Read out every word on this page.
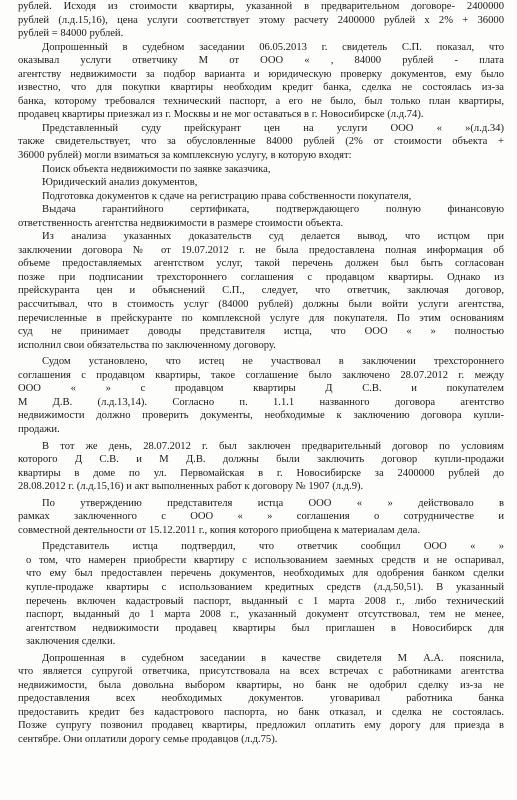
рублей. Исходя из стоимости квартиры, указанной в предварительном договоре- 2400000
рублей (л.д.15,16), цена услуги соответствует этому расчету 2400000 рублей х 2% + 36000
рублей = 84000 рублей.
Допрошенный в судебном заседании 06.05.2013 г. свидетель С.П. показал, что
оказывал услуги ответчику М от ООО « , 84000 рублей - плата
агентству недвижимости за подбор варианта и юридическую проверку документов, ему было
известно, что для покупки квартиры необходим кредит банка, сделка не состоялась из-за
банка, которому требовался технический паспорт, а его не было, был только план квартиры,
продавец квартиры приезжал из г. Москвы и не мог оставаться в г. Новосибирске (л.д.74).
Представленный суду прейскурант цен на услуги ООО « »(л.д.34)
также свидетельствует, что за обусловленные 84000 рублей (2% от стоимости объекта +
36000 рублей) могли взиматься за комплексную услугу, в которую входят:
Поиск объекта недвижимости по заявке заказчика,
Юридический анализ документов,
Подготовка документов к сдаче на регистрацию права собственности покупателя,
Выдача гарантийного сертификата, подтверждающего полную финансовую
ответственность агентства недвижимости в размере стоимости объекта.
Из анализа указанных доказательств суд делается вывод, что истцом при
заключении договора № от 19.07.2012 г. не была предоставлена полная информация об
объеме предоставляемых агентством услуг, такой перечень должен был быть согласован
позже при подписании трехстороннего соглашения с продавцом квартиры. Однако из
прейскуранта цен и объяснений С.П., следует, что ответчик, заключая договор,
рассчитывал, что в стоимость услуг (84000 рублей) должны были войти услуги агентства,
перечисленные в прейскуранте по комплексной услуге для покупателя. По этим основаниям
суд не принимает доводы представителя истца, что ООО « » полностью
исполнил свои обязательства по заключенному договору.
Судом установлено, что истец не участвовал в заключении трехстороннего
соглашения с продавцом квартиры, такое соглашение было заключено 28.07.2012 г. между
ООО « » с продавцом квартиры Д С.В. и покупателем
М Д.В. (л.д.13,14). Согласно п. 1.1.1 названного договора агентство
недвижимости должно проверить документы, необходимые к заключению договора купли-
продажи.
В тот же день, 28.07.2012 г. был заключен предварительный договор по условиям
которого Д С.В. и М Д.В. должны были заключить договор купли-продажи
квартиры в доме по ул. Первомайская в г. Новосибирске за 2400000 рублей до
28.08.2012 г. (л.д.15,16) и акт выполненных работ к договору № 1907 (л.д.9).
По утверждению представителя истца ООО « » действовало в
рамках заключенного с ООО « » соглашения о сотрудничестве и
совместной деятельности от 15.12.2011 г., копия которого приобщена к материалам дела.
Представитель истца подтвердил, что ответчик сообщил ООО « »
о том, что намерен приобрести квартиру с использованием заемных средств и не оспаривал,
что ему был предоставлен перечень документов, необходимых для одобрения банком сделки
купле-продаже квартиры с использованием кредитных средств (л.д.50,51). В указанный
перечень включен кадастровый паспорт, выданный с 1 марта 2008 г., либо технический
паспорт, выданный до 1 марта 2008 г., указанный документ отсутствовал, тем не менее,
агентством недвижимости продавец квартиры был приглашен в Новосибирск для
заключения сделки.
Допрошенная в судебном заседании в качестве свидетеля М А.А. пояснила,
что является супругой ответчика, присутствовала на всех встречах с работниками агентства
недвижимости, была довольна выбором квартиры, но банк не одобрил сделку из-за не
предоставления всех необходимых документов. уговаривал работника банка
предоставить кредит без кадастрового паспорта, но банк отказал, и сделка не состоялась.
Позже супругу позвонил продавец квартиры, предложил оплатить ему дорогу для приезда в
сентябре. Они оплатили дорогу семье продавцов (л.д.75).
